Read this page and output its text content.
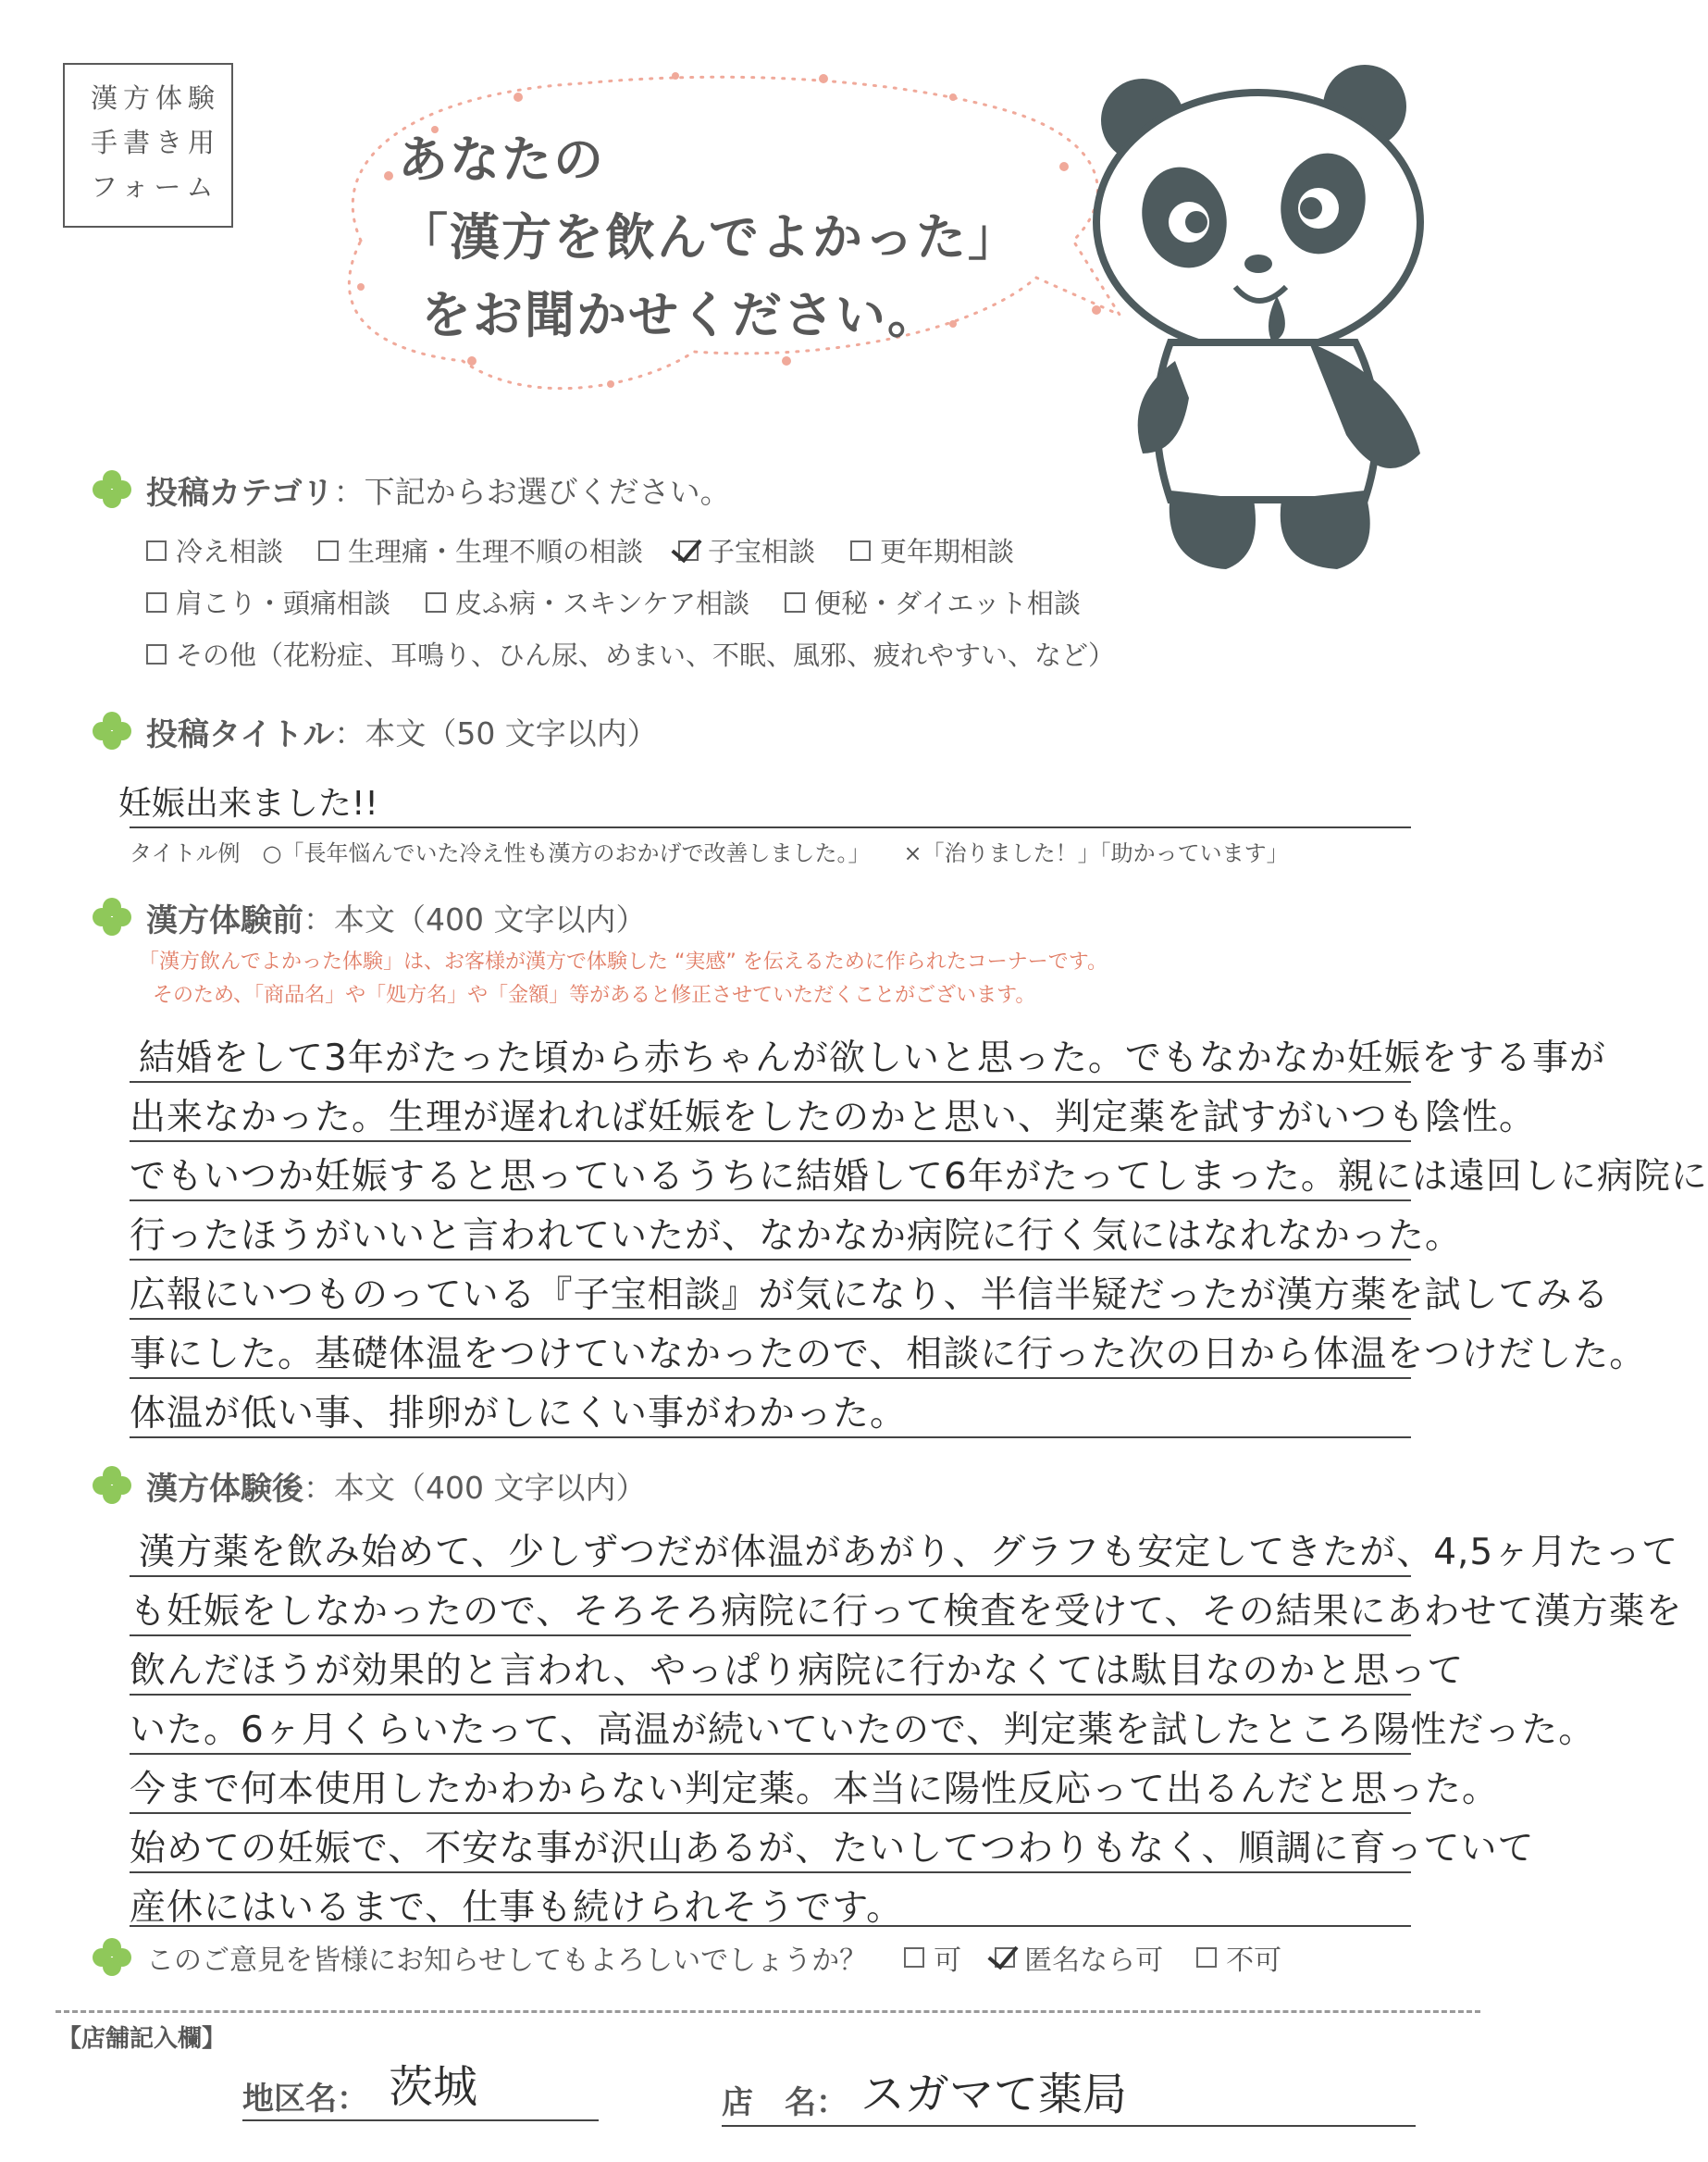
漢方体験
手書き用
フォーム	あなたの
「漢方を飲んでよかった」
をお聞かせください。
投稿カテゴリ ：下記からお選びください。
冷え相談 生理痛・生理不順の相談 子宝相談 更年期相談
肩こり・頭痛相談 皮ふ病・スキンケア相談 便秘・ダイエット相談
その他（花粉症、耳鳴り、ひん尿、めまい、不眠、風邪、疲れやすい、など）
投稿タイトル ：本文（50 文字以内）
妊娠出来ました!!
タイトル例　○「長年悩んでいた冷え性も漢方のおかげで改善しました。」　　×「治りました！」「助かっています」
漢方体験前 ：本文（400 文字以内）
「漢方飲んでよかった体験」は、お客様が漢方で体験した “実感” を伝えるために作られたコーナーです。
そのため、「商品名」や「処方名」や「金額」等があると修正させていただくことがございます。
結婚をして3年がたった頃から赤ちゃんが欲しいと思った。でもなかなか妊娠をする事が
出来なかった。生理が遅れれば妊娠をしたのかと思い、判定薬を試すがいつも陰性。
でもいつか妊娠すると思っているうちに結婚して6年がたってしまった。親には遠回しに病院に
行ったほうがいいと言われていたが、なかなか病院に行く気にはなれなかった。
広報にいつものっている『子宝相談』が気になり、半信半疑だったが漢方薬を試してみる
事にした。基礎体温をつけていなかったので、相談に行った次の日から体温をつけだした。
体温が低い事、排卵がしにくい事がわかった。
漢方体験後 ：本文（400 文字以内）
漢方薬を飲み始めて、少しずつだが体温があがり、グラフも安定してきたが、4,5ヶ月たって
も妊娠をしなかったので、そろそろ病院に行って検査を受けて、その結果にあわせて漢方薬を
飲んだほうが効果的と言われ、やっぱり病院に行かなくては駄目なのかと思って
いた。6ヶ月くらいたって、高温が続いていたので、判定薬を試したところ陽性だった。
今まで何本使用したかわからない判定薬。本当に陽性反応って出るんだと思った。
始めての妊娠で、不安な事が沢山あるが、たいしてつわりもなく、順調に育っていて
産休にはいるまで、仕事も続けられそうです。
このご意見を皆様にお知らせしてもよろしいでしょうか？ 可 匿名なら可 不可
【店舗記入欄】
地区名： 茨城	店　名： スガマて薬局
